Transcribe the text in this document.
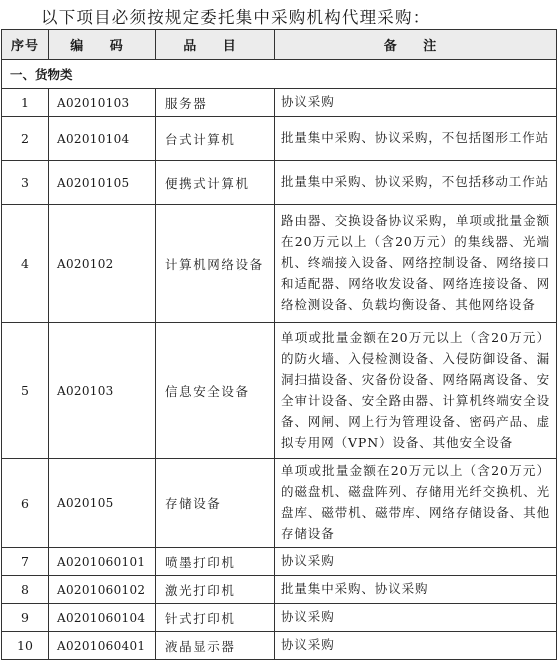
以下项目必须按规定委托集中采购机构代理采购：
序号	编 码	品 目	备 注
一、货物类			
1	A02010103	服务器	协议采购
2	A02010104	台式计算机	批量集中采购、协议采购，不包括图形工作站
3	A02010105	便携式计算机	批量集中采购、协议采购，不包括移动工作站
4	A020102	计算机网络设备	路由器、交换设备协议采购，单项或批量金额在20万元以上（含20万元）的集线器、光端机、终端接入设备、网络控制设备、网络接口和适配器、网络收发设备、网络连接设备、网络检测设备、负载均衡设备、其他网络设备
5	A020103	信息安全设备	单项或批量金额在20万元以上（含20万元）的防火墙、入侵检测设备、入侵防御设备、漏洞扫描设备、灾备份设备、网络隔离设备、安全审计设备、安全路由器、计算机终端安全设备、网闸、网上行为管理设备、密码产品、虚拟专用网（VPN）设备、其他安全设备
6	A020105	存储设备	单项或批量金额在20万元以上（含20万元）的磁盘机、磁盘阵列、存储用光纤交换机、光盘库、磁带机、磁带库、网络存储设备、其他存储设备
7	A0201060101	喷墨打印机	协议采购
8	A0201060102	激光打印机	批量集中采购、协议采购
9	A0201060104	针式打印机	协议采购
10	A0201060401	液晶显示器	协议采购
